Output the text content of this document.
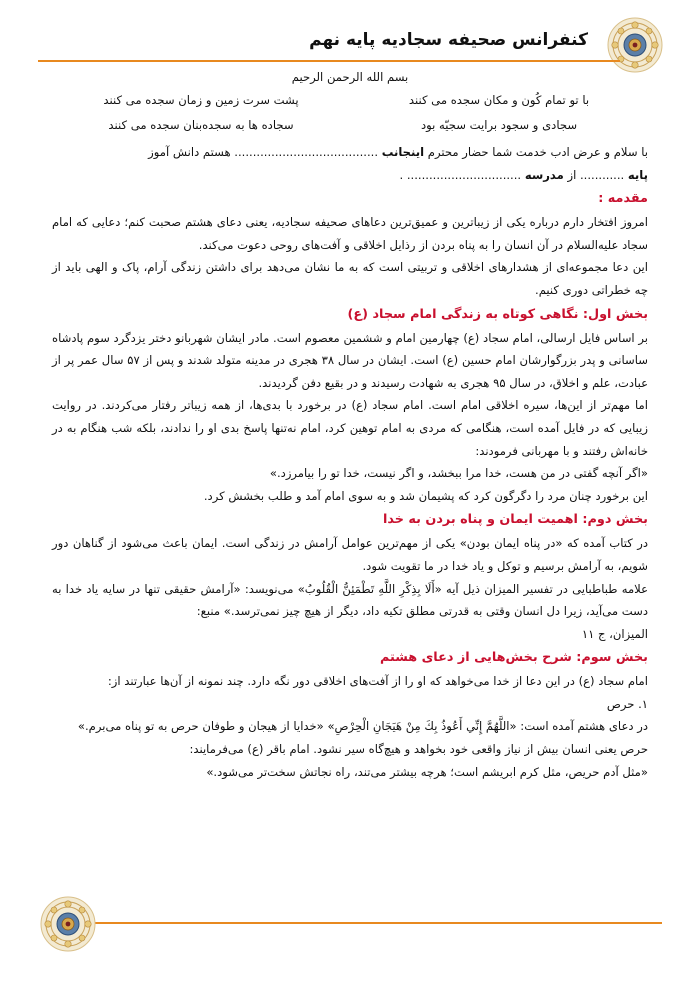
کنفرانس صحیفه سجادیه پایه نهم
بسم الله الرحمن الرحیم
با تو تمام کُون و مکان سجده می کنند
پشت سرت زمین و زمان سجده می کنند
سجادی و سجود برایت سجیّه بود
سجاده ها به سجده‌بنان سجده می کنند
با سلام و عرض ادب خدمت شما حضار محترم اینجانب ....................................... هستم دانش آموز
پایه ............ از مدرسه ............................... .
مقدمه :

امروز افتخار دارم درباره یکی از زیباترین و عمیق‌ترین دعاهای صحیفه سجادیه، یعنی دعای هشتم صحبت کنم؛ دعایی که امام سجاد علیه‌السلام در آن انسان را به پناه بردن از رذایل اخلاقی و آفت‌های روحی دعوت می‌کند.

این دعا مجموعه‌ای از هشدارهای اخلاقی و تربیتی است که به ما نشان می‌دهد برای داشتن زندگی آرام، پاک و الهی باید از چه خطراتی دوری کنیم.

بخش اول: نگاهی کوتاه به زندگی امام سجاد (ع)

بر اساس فایل ارسالی، امام سجاد (ع) چهارمین امام و ششمین معصوم است. مادر ایشان شهربانو دختر یزدگرد سوم پادشاه ساسانی و پدر بزرگوارشان امام حسین (ع) است. ایشان در سال ۳۸ هجری در مدینه متولد شدند و پس از ۵۷ سال عمر پر از عبادت، علم و اخلاق، در سال ۹۵ هجری به شهادت رسیدند و در بقیع دفن گردیدند.

اما مهم‌تر از این‌ها، سیره اخلاقی امام است. امام سجاد (ع) در برخورد با بدی‌ها، از همه زیباتر رفتار می‌کردند. در روایت زیبایی که در فایل آمده است، هنگامی که مردی به امام توهین کرد، امام نه‌تنها پاسخ بدی او را ندادند، بلکه شب هنگام به در خانه‌اش رفتند و با مهربانی فرمودند:

«اگر آنچه گفتی در من هست، خدا مرا ببخشد، و اگر نیست، خدا تو را بیامرزد.»

این برخورد چنان مرد را دگرگون کرد که پشیمان شد و به سوی امام آمد و طلب بخشش کرد.

بخش دوم: اهمیت ایمان و پناه بردن به خدا

در کتاب آمده که «در پناه ایمان بودن» یکی از مهم‌ترین عوامل آرامش در زندگی است. ایمان باعث می‌شود از گناهان دور شویم، به آرامش برسیم و توکل و یاد خدا در ما تقویت شود.

علامه طباطبایی در تفسیر المیزان ذیل آیه «أَلَا بِذِكْرِ اللَّهِ تَطْمَئِنُّ الْقُلُوبُ» می‌نویسد: «آرامش حقیقی تنها در سایه یاد خدا به دست می‌آید، زیرا دل انسان وقتی به قدرتی مطلق تکیه داد، دیگر از هیچ چیز نمی‌ترسد.» منبع:

المیزان، ج ۱۱

بخش سوم: شرح بخش‌هایی از دعای هشتم

امام سجاد (ع) در این دعا از خدا می‌خواهد که او را از آفت‌های اخلاقی دور نگه دارد. چند نمونه از آن‌ها عبارتند از:

۱. حرص

در دعای هشتم آمده است: «اللَّهُمَّ إِنِّي أَعُوذُ بِكَ مِنْ هَيَجَانِ الْحِرْصِ» «خدایا از هیجان و طوفان حرص به تو پناه می‌برم.»

حرص یعنی انسان بیش از نیاز واقعی خود بخواهد و هیچ‌گاه سیر نشود. امام باقر (ع) می‌فرمایند:

«مثل آدم حریص، مثل کرم ابریشم است؛ هرچه بیشتر می‌تند، راه نجاتش سخت‌تر می‌شود.»
